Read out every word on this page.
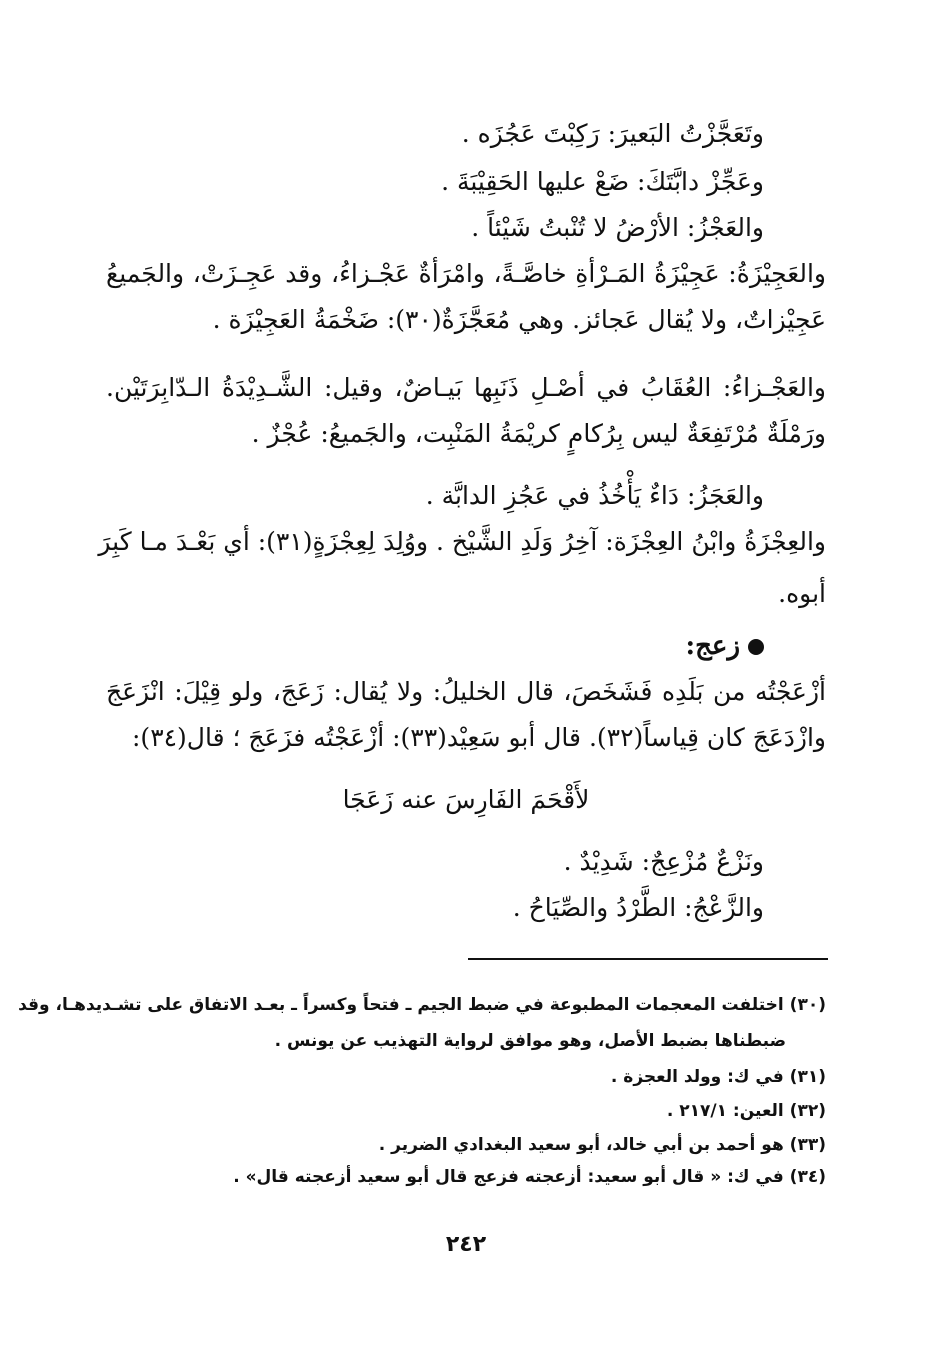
وتَعَجَّزْتُ البَعيرَ: رَكِبْتَ عَجُزَه .
وعَجِّزْ دابَّتَكَ: ضَعْ عليها الحَقِيْبَةَ .
والعَجْزُ: الأرْضُ لا تُنْبتُ شَيْئاً .
والعَجِيْزَةُ: عَجِيْزَةُ المَـرْأةِ خاصَّـةً، وامْرَأةٌ عَجْـزاءُ، وقد عَجِـزَتْ، والجَميعُ
عَجِيْزاتٌ، ولا يُقال عَجائز. وهي مُعَجَّزَةٌ(٣٠): ضَخْمَةُ العَجِيْزَة .
والعَجْـزاءُ: العُقَابُ في أصْـلِ ذَنَبِها بَيـاضٌ، وقيل: الشَّـدِيْدَةُ الـدّابِرَتَيْن.
ورَمْلَةٌ مُرْتَفِعَةٌ ليس بِرُكامٍ كريْمَةُ المَنْبِت، والجَميعُ: عُجْزٌ .
والعَجَزُ: دَاءٌ يَأْخُذُ في عَجُزِ الدابَّة .
والعِجْزَةُ وابْنُ العِجْزَة: آخِرُ وَلَدِ الشَّيْخ . ووُلِدَ لِعِجْزَةٍ(٣١): أي بَعْـدَ مـا كَبِرَ
أبوه.
زعج:
أزْعَجْتُه من بَلَدِه فَشَخَصَ، قال الخليلُ: ولا يُقال: زَعَجَ، ولو قِيْلَ: انْزَعَجَ
وازْدَعَجَ كان قِياساً(٣٢). قال أبو سَعِيْد(٣٣): أزْعَجْتُه فزَعَجَ ؛ قال(٣٤):
لأَقْحَمَ الفَارِسَ عنه زَعَجَا
ونَزْعٌ مُزْعِجٌ: شَدِيْدٌ .
والزَّعْجُ: الطَّرْدُ والصِّيَاحُ .
(٣٠) اختلفت المعجمات المطبوعة في ضبط الجيم ـ فتحاً وكسراً ـ بعـد الاتفاق على تشـديدهـا، وقد
ضبطناها بضبط الأصل، وهو موافق لرواية التهذيب عن يونس .
(٣١) في ك: وولد العجزة .
(٣٢) العين: ٢١٧/١ .
(٣٣) هو أحمد بن أبي خالد، أبو سعيد البغدادي الضرير .
(٣٤) في ك: « قال أبو سعيد: أزعجته فزعج قال أبو سعيد أزعجته قال» .
٢٤٢
